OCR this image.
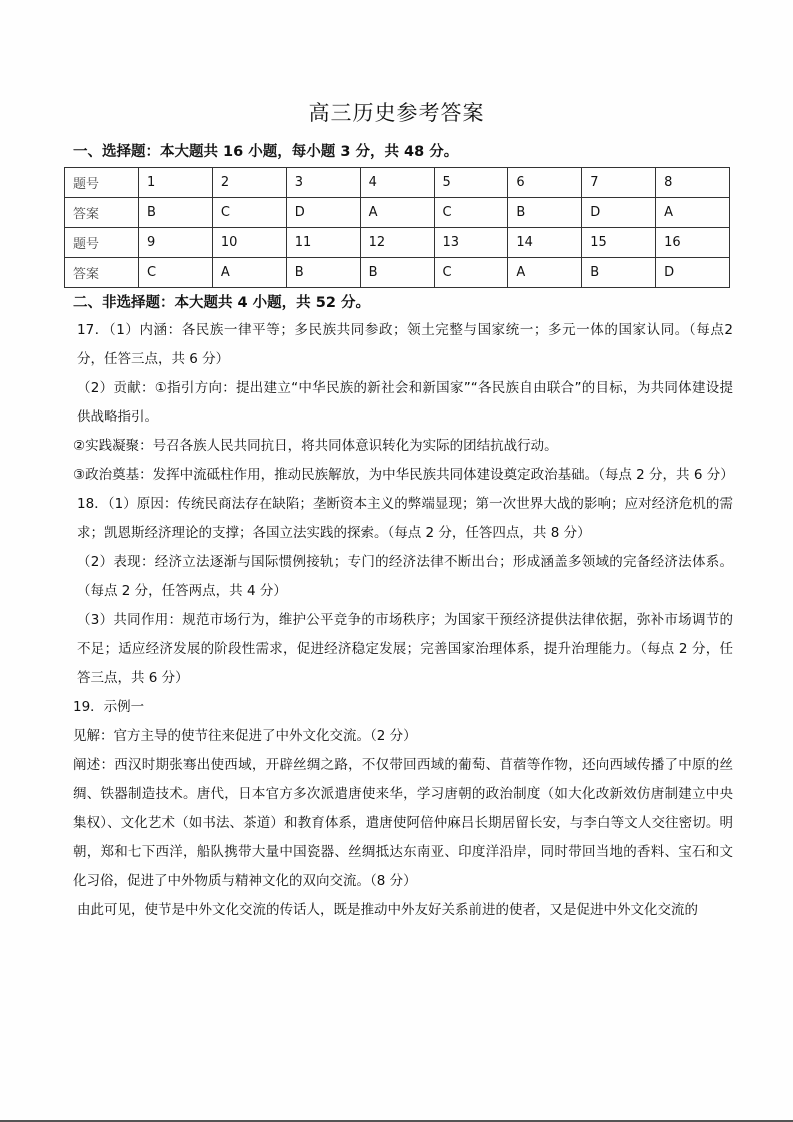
高三历史参考答案
一、选择题：本大题共 16 小题，每小题 3 分，共 48 分。
题号	1	2	3	4	5	6	7	8
答案	B	C	D	A	C	B	D	A
题号	9	10	11	12	13	14	15	16
答案	C	A	B	B	C	A	B	D
二、非选择题：本大题共 4 小题，共 52 分。

17．（1）内涵：各民族一律平等；多民族共同参政；领土完整与国家统一；多元一体的国家认同。（每点2 分，任答三点，共 6 分）

（2）贡献：①指引方向：提出建立“中华民族的新社会和新国家”“各民族自由联合”的目标，为共同体建设提供战略指引。

②实践凝聚：号召各族人民共同抗日，将共同体意识转化为实际的团结抗战行动。

③政治奠基：发挥中流砥柱作用，推动民族解放，为中华民族共同体建设奠定政治基础。（每点 2 分，共 6 分）

18．（1）原因：传统民商法存在缺陷；垄断资本主义的弊端显现；第一次世界大战的影响；应对经济危机的需求；凯恩斯经济理论的支撑；各国立法实践的探索。（每点 2 分，任答四点，共 8 分）

（2）表现：经济立法逐渐与国际惯例接轨；专门的经济法律不断出台；形成涵盖多领域的完备经济法体系。（每点 2 分，任答两点，共 4 分）

（3）共同作用：规范市场行为，维护公平竞争的市场秩序；为国家干预经济提供法律依据，弥补市场调节的不足；适应经济发展的阶段性需求，促进经济稳定发展；完善国家治理体系，提升治理能力。（每点 2 分，任答三点，共 6 分）

19．示例一

见解：官方主导的使节往来促进了中外文化交流。（2 分）

阐述：西汉时期张骞出使西域，开辟丝绸之路，不仅带回西域的葡萄、苜蓿等作物，还向西域传播了中原的丝绸、铁器制造技术。唐代，日本官方多次派遣唐使来华，学习唐朝的政治制度（如大化改新效仿唐制建立中央集权）、文化艺术（如书法、茶道）和教育体系，遣唐使阿倍仲麻吕长期居留长安，与李白等文人交往密切。明朝，郑和七下西洋，船队携带大量中国瓷器、丝绸抵达东南亚、印度洋沿岸，同时带回当地的香料、宝石和文化习俗，促进了中外物质与精神文化的双向交流。（8 分）

由此可见，使节是中外文化交流的传话人，既是推动中外友好关系前进的使者，又是促进中外文化交流的
